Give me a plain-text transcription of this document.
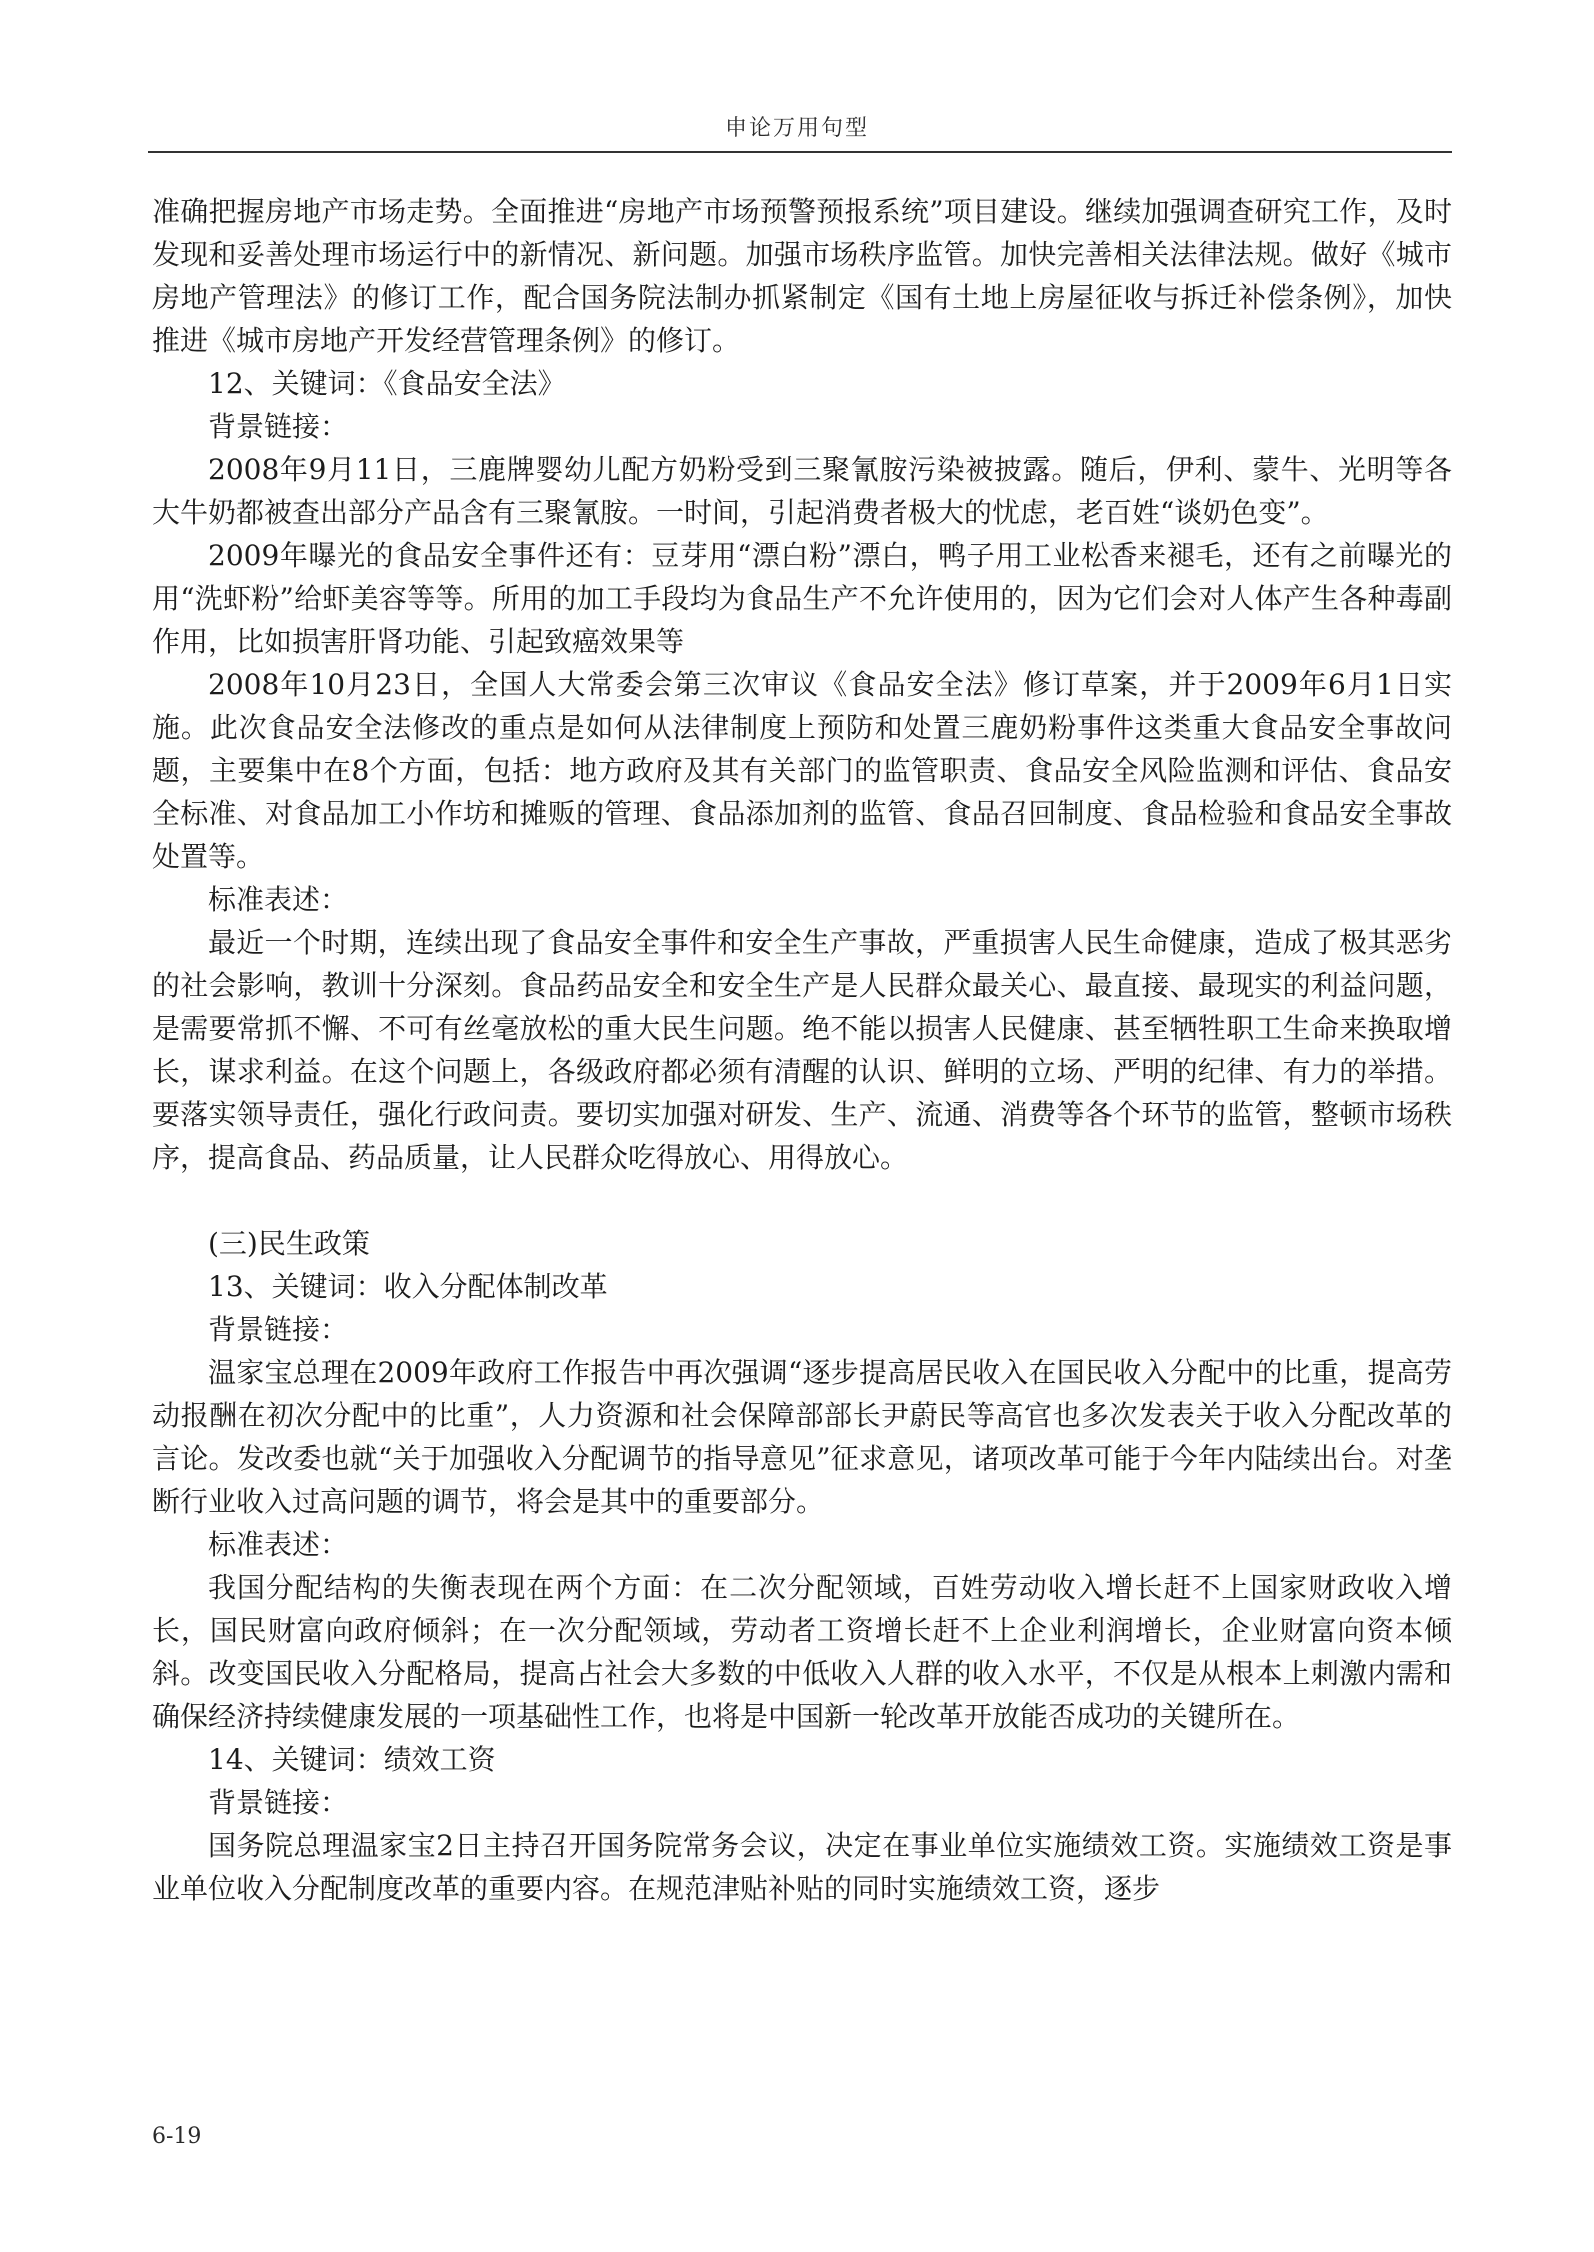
申论万用句型

准确把握房地产市场走势。全面推进“房地产市场预警预报系统”项目建设。继续加强调查研究工作，及时发现和妥善处理市场运行中的新情况、新问题。加强市场秩序监管。加快完善相关法律法规。做好《城市房地产管理法》的修订工作，配合国务院法制办抓紧制定《国有土地上房屋征收与拆迁补偿条例》，加快推进《城市房地产开发经营管理条例》的修订。

12、关键词：《食品安全法》

背景链接：

2008年9月11日，三鹿牌婴幼儿配方奶粉受到三聚氰胺污染被披露。随后，伊利、蒙牛、光明等各大牛奶都被查出部分产品含有三聚氰胺。一时间，引起消费者极大的忧虑，老百姓“谈奶色变”。

2009年曝光的食品安全事件还有：豆芽用“漂白粉”漂白，鸭子用工业松香来褪毛，还有之前曝光的用“洗虾粉”给虾美容等等。所用的加工手段均为食品生产不允许使用的，因为它们会对人体产生各种毒副作用，比如损害肝肾功能、引起致癌效果等

2008年10月23日，全国人大常委会第三次审议《食品安全法》修订草案，并于2009年6月1日实施。此次食品安全法修改的重点是如何从法律制度上预防和处置三鹿奶粉事件这类重大食品安全事故问题，主要集中在8个方面，包括：地方政府及其有关部门的监管职责、食品安全风险监测和评估、食品安全标准、对食品加工小作坊和摊贩的管理、食品添加剂的监管、食品召回制度、食品检验和食品安全事故处置等。

标准表述：

最近一个时期，连续出现了食品安全事件和安全生产事故，严重损害人民生命健康，造成了极其恶劣的社会影响，教训十分深刻。食品药品安全和安全生产是人民群众最关心、最直接、最现实的利益问题，是需要常抓不懈、不可有丝毫放松的重大民生问题。绝不能以损害人民健康、甚至牺牲职工生命来换取增长，谋求利益。在这个问题上，各级政府都必须有清醒的认识、鲜明的立场、严明的纪律、有力的举措。要落实领导责任，强化行政问责。要切实加强对研发、生产、流通、消费等各个环节的监管，整顿市场秩序，提高食品、药品质量，让人民群众吃得放心、用得放心。

(三)民生政策

13、关键词：收入分配体制改革

背景链接：

温家宝总理在2009年政府工作报告中再次强调“逐步提高居民收入在国民收入分配中的比重，提高劳动报酬在初次分配中的比重”，人力资源和社会保障部部长尹蔚民等高官也多次发表关于收入分配改革的言论。发改委也就“关于加强收入分配调节的指导意见”征求意见，诸项改革可能于今年内陆续出台。对垄断行业收入过高问题的调节，将会是其中的重要部分。

标准表述：

我国分配结构的失衡表现在两个方面：在二次分配领域，百姓劳动收入增长赶不上国家财政收入增长，国民财富向政府倾斜；在一次分配领域，劳动者工资增长赶不上企业利润增长，企业财富向资本倾斜。改变国民收入分配格局，提高占社会大多数的中低收入人群的收入水平，不仅是从根本上刺激内需和确保经济持续健康发展的一项基础性工作，也将是中国新一轮改革开放能否成功的关键所在。

14、关键词：绩效工资

背景链接：

国务院总理温家宝2日主持召开国务院常务会议，决定在事业单位实施绩效工资。实施绩效工资是事业单位收入分配制度改革的重要内容。在规范津贴补贴的同时实施绩效工资，逐步

6-19
